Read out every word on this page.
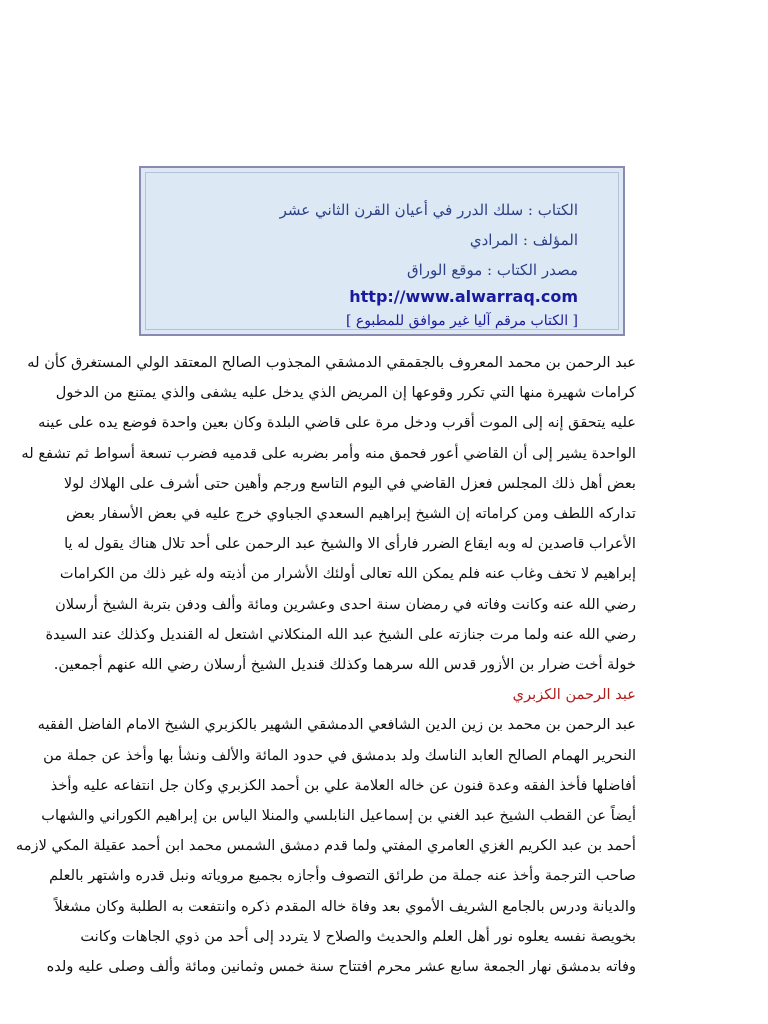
الكتاب : سلك الدرر في أعيان القرن الثاني عشر
المؤلف : المرادي
مصدر الكتاب : موقع الوراق
http://www.alwarraq.com
[ الكتاب مرقم آليا غير موافق للمطبوع ]
عبد الرحمن بن محمد المعروف بالجقمقي الدمشقي المجذوب الصالح المعتقد الولي المستغرق كأن له
كرامات شهيرة منها التي تكرر وقوعها إن المريض الذي يدخل عليه يشفى والذي يمتنع من الدخول
عليه يتحقق إنه إلى الموت أقرب ودخل مرة على قاضي البلدة وكان بعين واحدة فوضع يده على عينه
الواحدة يشير إلى أن القاضي أعور فحمق منه وأمر بضربه على قدميه فضرب تسعة أسواط ثم تشفع له
بعض أهل ذلك المجلس فعزل القاضي في اليوم التاسع ورجم وأهين حتى أشرف على الهلاك لولا
تداركه اللطف ومن كراماته إن الشيخ إبراهيم السعدي الجباوي خرج عليه في بعض الأسفار بعض
الأعراب قاصدين له وبه ايقاع الضرر فارأى الا والشيخ عبد الرحمن على أحد تلال هناك يقول له يا
إبراهيم لا تخف وغاب عنه فلم يمكن الله تعالى أولئك الأشرار من أذيته وله غير ذلك من الكرامات
رضي الله عنه وكانت وفاته في رمضان سنة احدى وعشرين ومائة وألف ودفن بتربة الشيخ أرسلان
رضي الله عنه ولما مرت جنازته على الشيخ عبد الله المنكلاني اشتعل له القنديل وكذلك عند السيدة
خولة أخت ضرار بن الأزور قدس الله سرهما وكذلك قنديل الشيخ أرسلان رضي الله عنهم أجمعين.
عبد الرحمن الكزبري
عبد الرحمن بن محمد بن زين الدين الشافعي الدمشقي الشهير بالكزبري الشيخ الامام الفاضل الفقيه
النحرير الهمام الصالح العابد الناسك ولد بدمشق في حدود المائة والألف ونشأ بها وأخذ عن جملة من
أفاضلها فأخذ الفقه وعدة فنون عن خاله العلامة علي بن أحمد الكزبري وكان جل انتفاعه عليه وأخذ
أيضاً عن القطب الشيخ عبد الغني بن إسماعيل النابلسي والمنلا الياس بن إبراهيم الكوراني والشهاب
أحمد بن عبد الكريم الغزي العامري المفتي ولما قدم دمشق الشمس محمد ابن أحمد عقيلة المكي لازمه
صاحب الترجمة وأخذ عنه جملة من طرائق التصوف وأجازه بجميع مروياته ونبل قدره واشتهر بالعلم
والديانة ودرس بالجامع الشريف الأموي بعد وفاة خاله المقدم ذكره وانتفعت به الطلبة وكان مشغلاً
بخويصة نفسه يعلوه نور أهل العلم والحديث والصلاح لا يتردد إلى أحد من ذوي الجاهات وكانت
وفاته بدمشق نهار الجمعة سابع عشر محرم افتتاح سنة خمس وثمانين ومائة وألف وصلى عليه ولده
